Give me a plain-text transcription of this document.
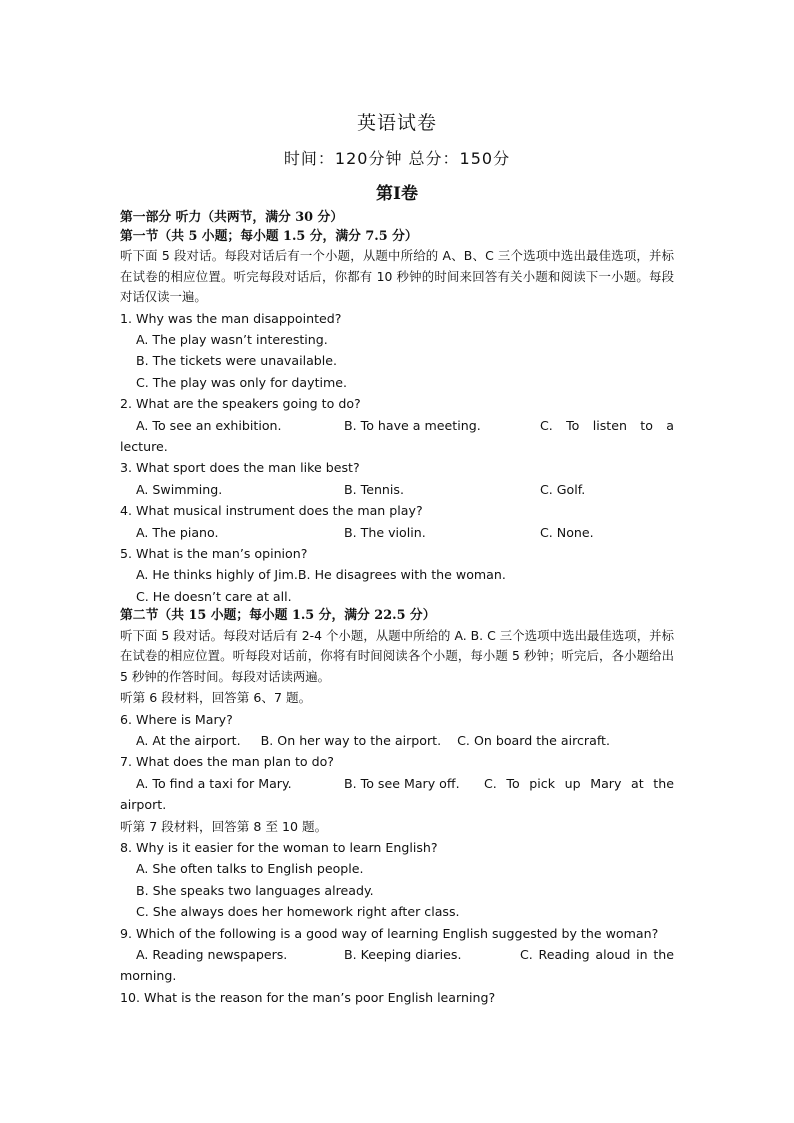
英语试卷
时间：120分钟 总分：150分
第Ⅰ卷
第一部分 听力（共两节，满分 30 分）
第一节（共 5 小题；每小题 1.5 分，满分 7.5 分）
听下面 5 段对话。每段对话后有一个小题，从题中所给的 A、B、C 三个选项中选出最佳选项，并标在试卷的相应位置。听完每段对话后，你都有 10 秒钟的时间来回答有关小题和阅读下一小题。每段对话仅读一遍。
1. Why was the man disappointed?
A. The play wasn’t interesting.
B. The tickets were unavailable.
C. The play was only for daytime.
2. What are the speakers going to do?
A. To see an exhibition.	B. To have a meeting.	C. To listen to a
lecture.
3. What sport does the man like best?
A. Swimming.	B. Tennis.	C. Golf.
4. What musical instrument does the man play?
A. The piano.	B. The violin.	C. None.
5. What is the man’s opinion?
A. He thinks highly of Jim.B. He disagrees with the woman.
C. He doesn’t care at all.
第二节（共 15 小题；每小题 1.5 分，满分 22.5 分）
听下面 5 段对话。每段对话后有 2-4 个小题，从题中所给的 A. B. C 三个选项中选出最佳选项，并标在试卷的相应位置。听每段对话前，你将有时间阅读各个小题，每小题 5 秒钟；听完后，各小题给出 5 秒钟的作答时间。每段对话读两遍。
听第 6 段材料，回答第 6、7 题。
6. Where is Mary?
A. At the airport. B. On her way to the airport. C. On board the aircraft.
7. What does the man plan to do?
A. To find a taxi for Mary.	B. To see Mary off.	C. To pick up Mary at the
airport.
听第 7 段材料，回答第 8 至 10 题。
8. Why is it easier for the woman to learn English?
A. She often talks to English people.
B. She speaks two languages already.
C. She always does her homework right after class.
9. Which of the following is a good way of learning English suggested by the woman?
A. Reading newspapers.	B. Keeping diaries.	C. Reading aloud in the
morning.
10. What is the reason for the man’s poor English learning?
